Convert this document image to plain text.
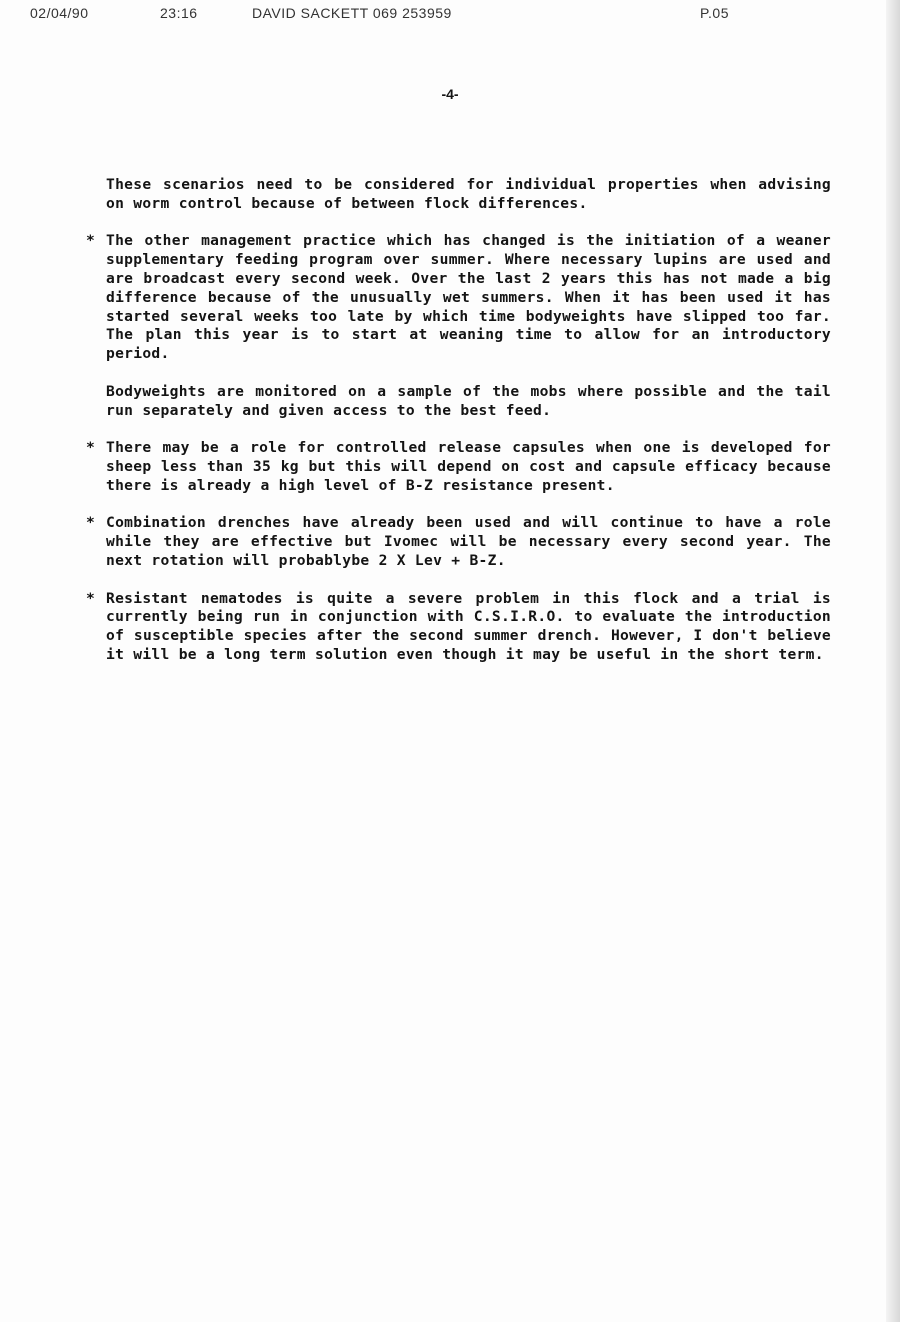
02/04/90	23:16	DAVID SACKETT 069 253959	P.05
-4-
These scenarios need to be considered for individual properties when advising on worm control because of between flock differences.
* The other management practice which has changed is the initiation of a weaner supplementary feeding program over summer. Where necessary lupins are used and are broadcast every second week. Over the last 2 years this has not made a big difference because of the unusually wet summers. When it has been used it has started several weeks too late by which time bodyweights have slipped too far. The plan this year is to start at weaning time to allow for an introductory period.
Bodyweights are monitored on a sample of the mobs where possible and the tail run separately and given access to the best feed.
* There may be a role for controlled release capsules when one is developed for sheep less than 35 kg but this will depend on cost and capsule efficacy because there is already a high level of B-Z resistance present.
* Combination drenches have already been used and will continue to have a role while they are effective but Ivomec will be necessary every second year. The next rotation will probablybe 2 X Lev + B-Z.
* Resistant nematodes is quite a severe problem in this flock and a trial is currently being run in conjunction with C.S.I.R.O. to evaluate the introduction of susceptible species after the second summer drench. However, I don't believe it will be a long term solution even though it may be useful in the short term.
